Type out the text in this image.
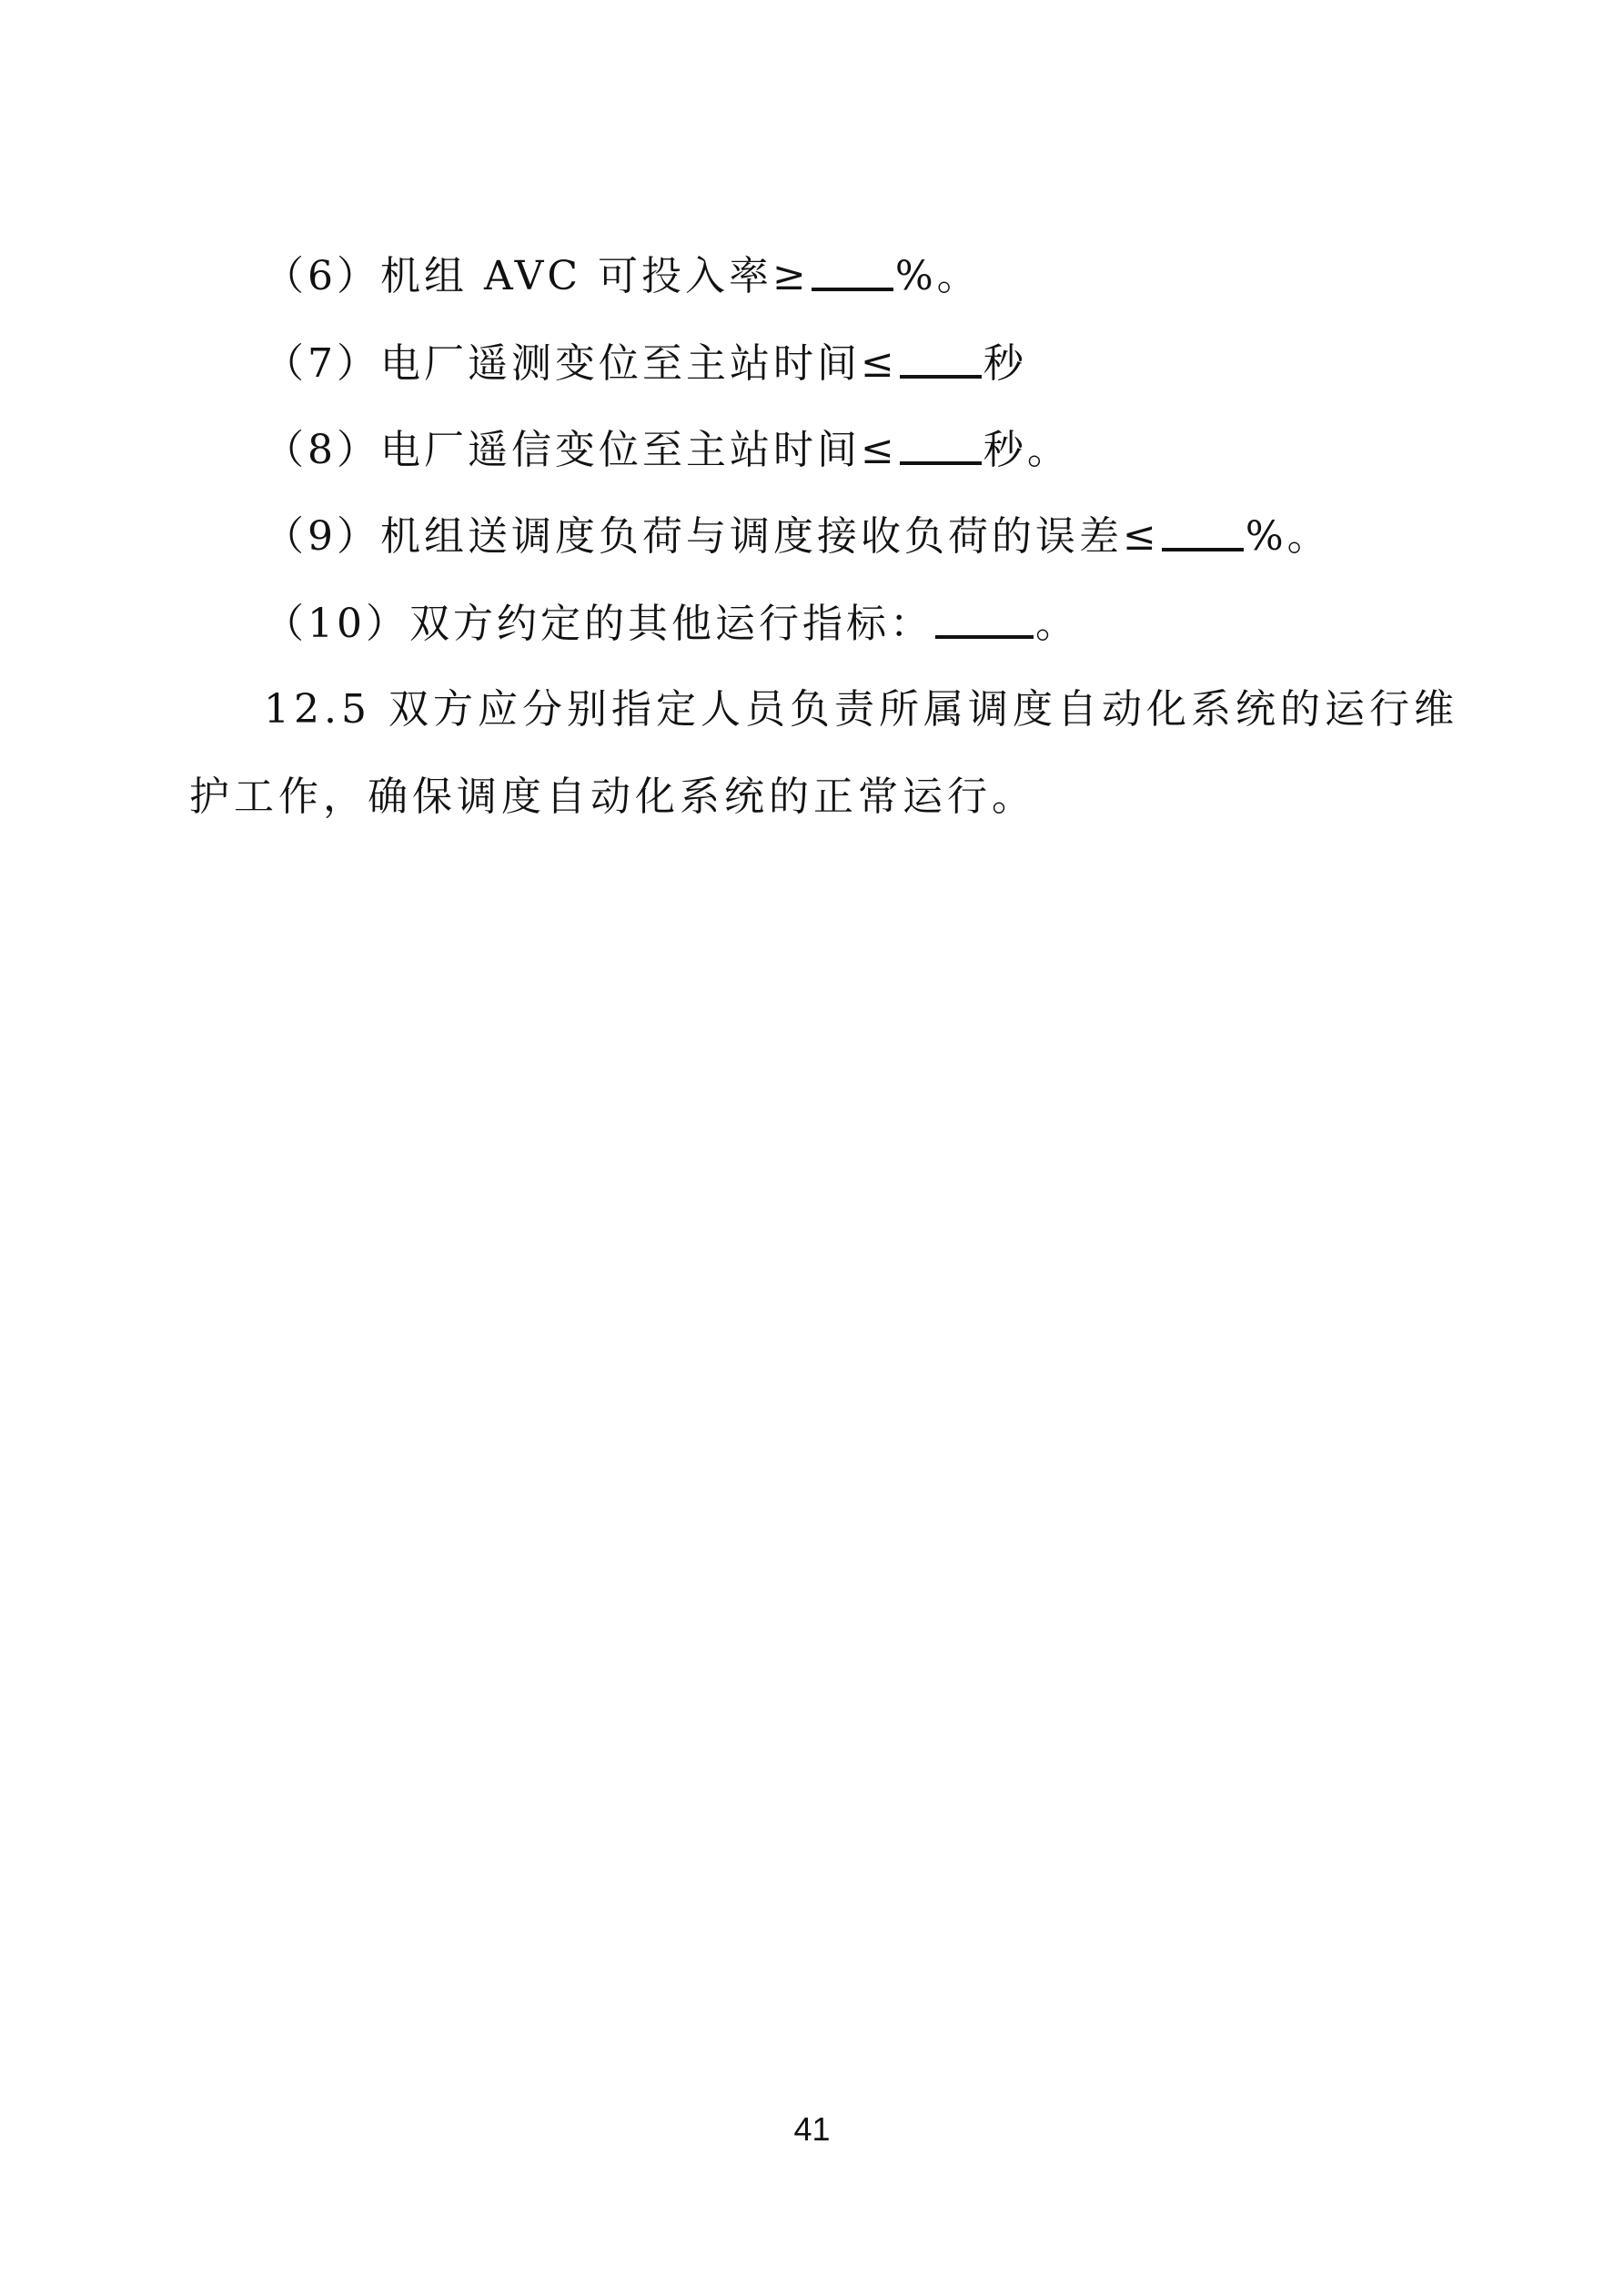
（6）机组 AVC 可投入率≥ %。
（7）电厂遥测变位至主站时间≤ 秒
（8）电厂遥信变位至主站时间≤ 秒。
（9）机组送调度负荷与调度接收负荷的误差≤ %。
（10）双方约定的其他运行指标：	。
12.5 双方应分别指定人员负责所属调度自动化系统的运行维护工作，确保调度自动化系统的正常运行。
41
